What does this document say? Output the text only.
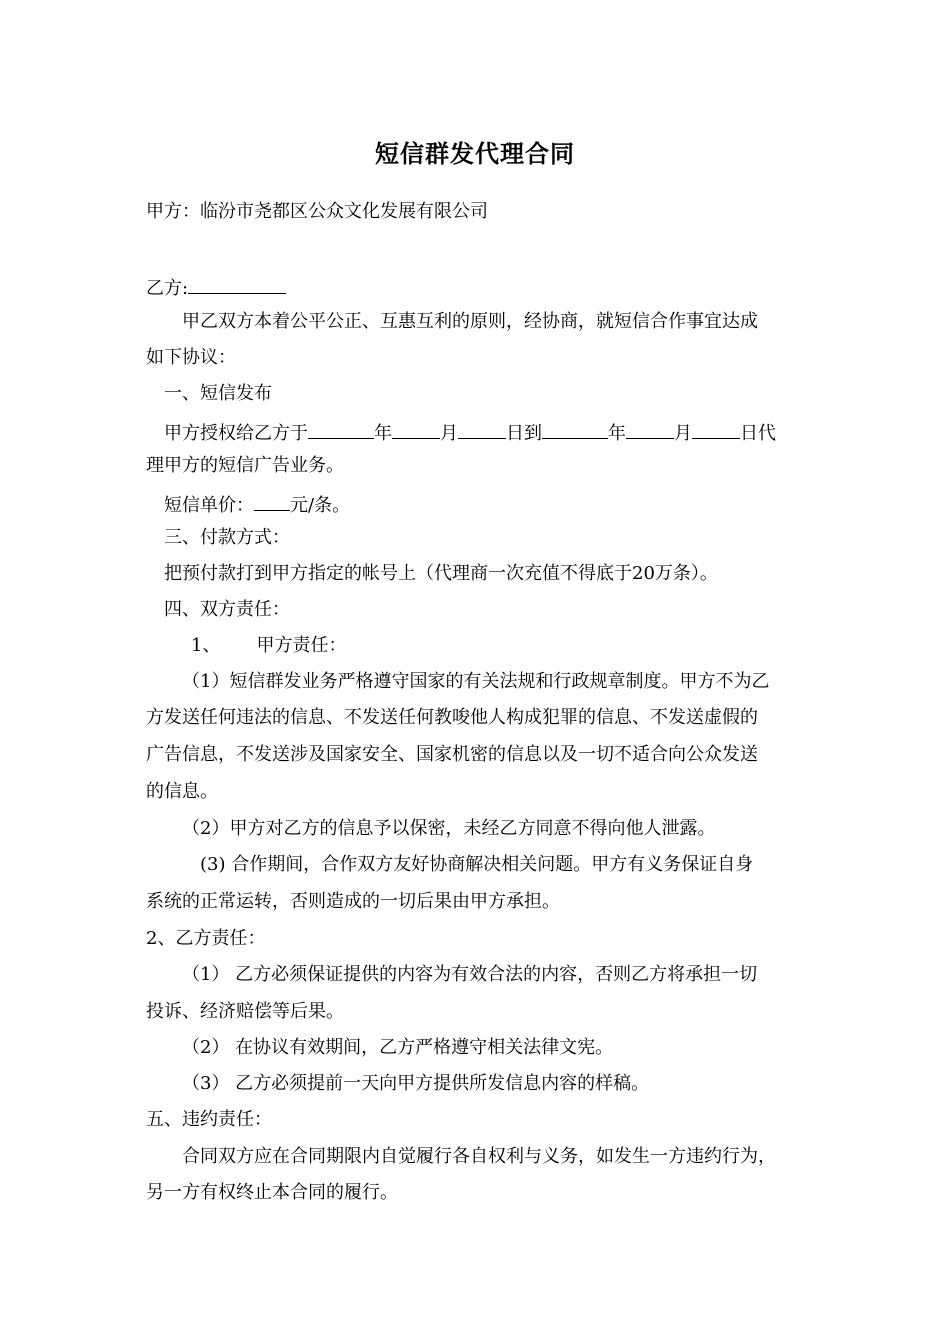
短信群发代理合同
甲方：临汾市尧都区公众文化发展有限公司
乙方:
甲乙双方本着公平公正、互惠互利的原则，经协商，就短信合作事宜达成
如下协议：
一、短信发布
甲方授权给乙方于	年	月	日到	年	月	日代
理甲方的短信广告业务。
短信单价： 元/条。
三、付款方式：
把预付款打到甲方指定的帐号上（代理商一次充值不得底于20万条）。
四、双方责任：
1、 甲方责任：
（1）短信群发业务严格遵守国家的有关法规和行政规章制度。甲方不为乙
方发送任何违法的信息、不发送任何教唆他人构成犯罪的信息、不发送虚假的
广告信息，不发送涉及国家安全、国家机密的信息以及一切不适合向公众发送
的信息。
（2）甲方对乙方的信息予以保密，未经乙方同意不得向他人泄露。
(3) 合作期间，合作双方友好协商解决相关问题。甲方有义务保证自身
系统的正常运转，否则造成的一切后果由甲方承担。
2、乙方责任：
（1） 乙方必须保证提供的内容为有效合法的内容，否则乙方将承担一切
投诉、经济赔偿等后果。
（2） 在协议有效期间，乙方严格遵守相关法律文宪。
（3） 乙方必须提前一天向甲方提供所发信息内容的样稿。
五、违约责任：
合同双方应在合同期限内自觉履行各自权利与义务，如发生一方违约行为，
另一方有权终止本合同的履行。
